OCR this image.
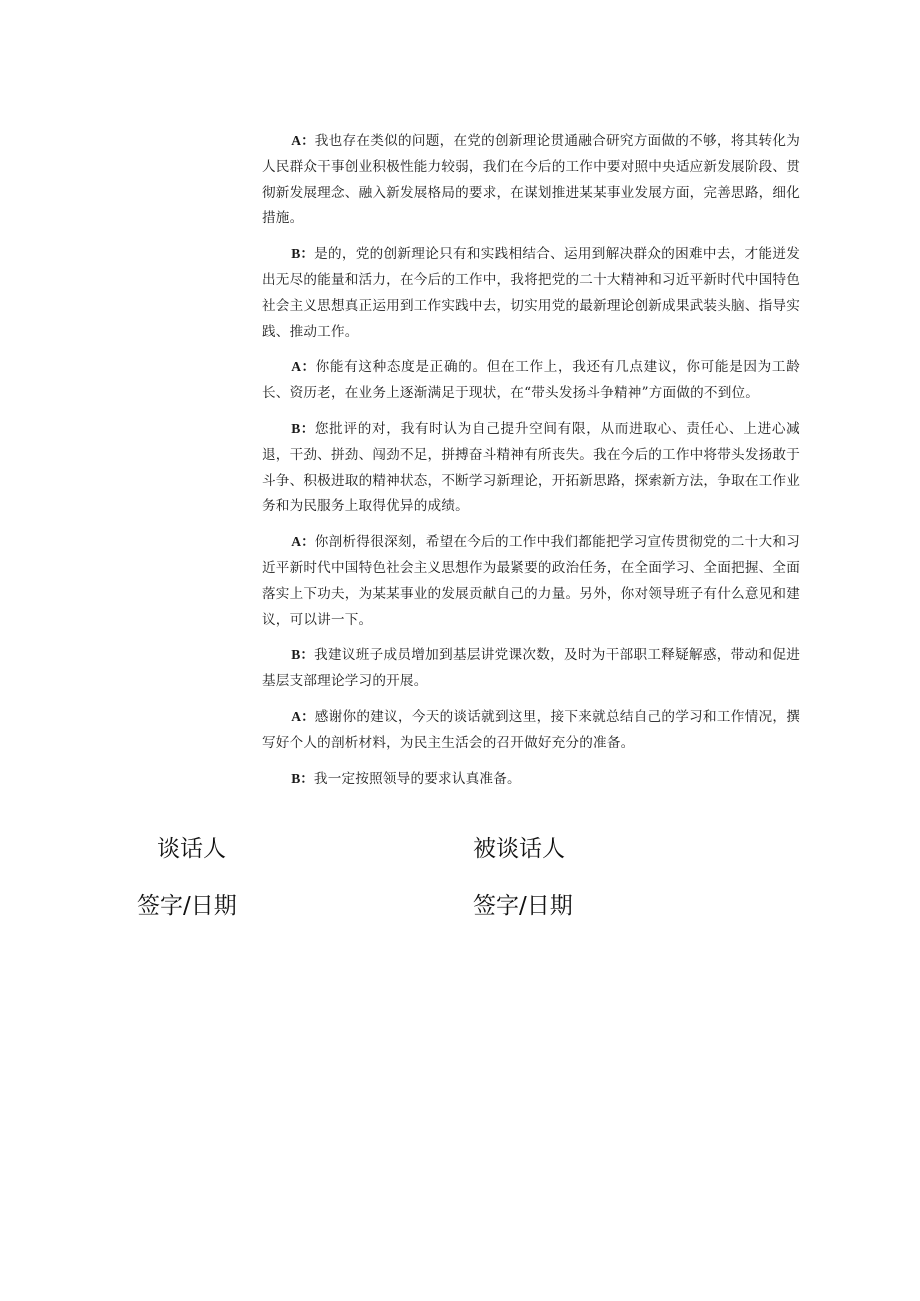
A：我也存在类似的问题，在党的创新理论贯通融合研究方面做的不够，将其转化为人民群众干事创业积极性能力较弱，我们在今后的工作中要对照中央适应新发展阶段、贯彻新发展理念、融入新发展格局的要求，在谋划推进某某事业发展方面，完善思路，细化措施。

B：是的，党的创新理论只有和实践相结合、运用到解决群众的困难中去，才能迸发出无尽的能量和活力，在今后的工作中，我将把党的二十大精神和习近平新时代中国特色社会主义思想真正运用到工作实践中去，切实用党的最新理论创新成果武装头脑、指导实践、推动工作。

A：你能有这种态度是正确的。但在工作上，我还有几点建议，你可能是因为工龄长、资历老，在业务上逐渐满足于现状，在“带头发扬斗争精神”方面做的不到位。

B：您批评的对，我有时认为自己提升空间有限，从而进取心、责任心、上进心减退，干劲、拼劲、闯劲不足，拼搏奋斗精神有所丧失。我在今后的工作中将带头发扬敢于斗争、积极进取的精神状态，不断学习新理论，开拓新思路，探索新方法，争取在工作业务和为民服务上取得优异的成绩。

A：你剖析得很深刻，希望在今后的工作中我们都能把学习宣传贯彻党的二十大和习近平新时代中国特色社会主义思想作为最紧要的政治任务，在全面学习、全面把握、全面落实上下功夫，为某某事业的发展贡献自己的力量。另外，你对领导班子有什么意见和建议，可以讲一下。

B：我建议班子成员增加到基层讲党课次数，及时为干部职工释疑解惑，带动和促进基层支部理论学习的开展。

A：感谢你的建议，今天的谈话就到这里，接下来就总结自己的学习和工作情况，撰写好个人的剖析材料，为民主生活会的召开做好充分的准备。

B：我一定按照领导的要求认真准备。

谈话人	被谈话人
签字/日期	签字/日期
